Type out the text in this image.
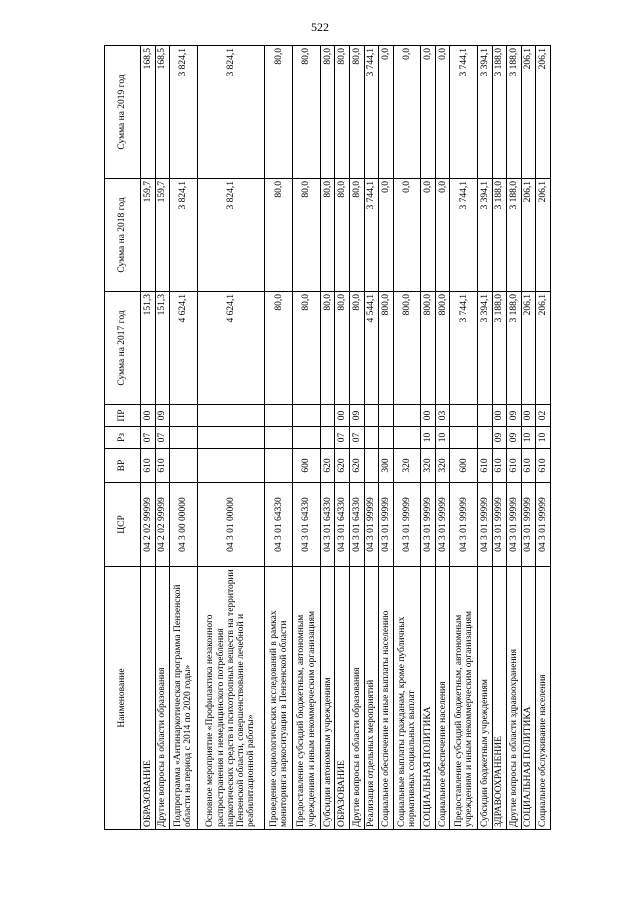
522
Наименование	ЦСР	ВР	Рз	ПР	Сумма на 2017 год	Сумма на 2018 год	Сумма на 2019 год
ОБРАЗОВАНИЕ	04 2 02 99999	610	07	00	151,3	159,7	168,5
Другие вопросы в области образования	04 2 02 99999	610	07	09	151,3	159,7	168,5
Подпрограмма «Антинаркотическая программа Пензенской области на период с 2014 по 2020 годы»	04 3 00 00000				4 624,1	3 824,1	3 824,1
Основное мероприятие «Профилактика незаконного распространения и немедицинского потребления наркотических средств и психотропных веществ на территории Пензенской области, совершенствование лечебной и реабилитационной работы»	04 3 01 00000				4 624,1	3 824,1	3 824,1
Проведение социологических исследований в рамках мониторинга наркоситуации в Пензенской области	04 3 01 64330				80,0	80,0	80,0
Предоставление субсидий бюджетным, автономным учреждениям и иным некоммерческим организациям	04 3 01 64330	600			80,0	80,0	80,0
Субсидии автономным учреждениям	04 3 01 64330	620			80,0	80,0	80,0
ОБРАЗОВАНИЕ	04 3 01 64330	620	07	00	80,0	80,0	80,0
Другие вопросы в области образования	04 3 01 64330	620	07	09	80,0	80,0	80,0
Реализация отдельных мероприятий	04 3 01 99999				4 544,1	3 744,1	3 744,1
Социальное обеспечение и иные выплаты населению	04 3 01 99999	300			800,0	0,0	0,0
Социальные выплаты гражданам, кроме публичных нормативных социальных выплат	04 3 01 99999	320			800,0	0,0	0,0
СОЦИАЛЬНАЯ ПОЛИТИКА	04 3 01 99999	320	10	00	800,0	0,0	0,0
Социальное обеспечение населения	04 3 01 99999	320	10	03	800,0	0,0	0,0
Предоставление субсидий бюджетным, автономным учреждениям и иным некоммерческим организациям	04 3 01 99999	600			3 744,1	3 744,1	3 744,1
Субсидии бюджетным учреждениям	04 3 01 99999	610			3 394,1	3 394,1	3 394,1
ЗДРАВООХРАНЕНИЕ	04 3 01 99999	610	09	00	3 188,0	3 188,0	3 188,0
Другие вопросы в области здравоохранения	04 3 01 99999	610	09	09	3 188,0	3 188,0	3 188,0
СОЦИАЛЬНАЯ ПОЛИТИКА	04 3 01 99999	610	10	00	206,1	206,1	206,1
Социальное обслуживание населения	04 3 01 99999	610	10	02	206,1	206,1	206,1
